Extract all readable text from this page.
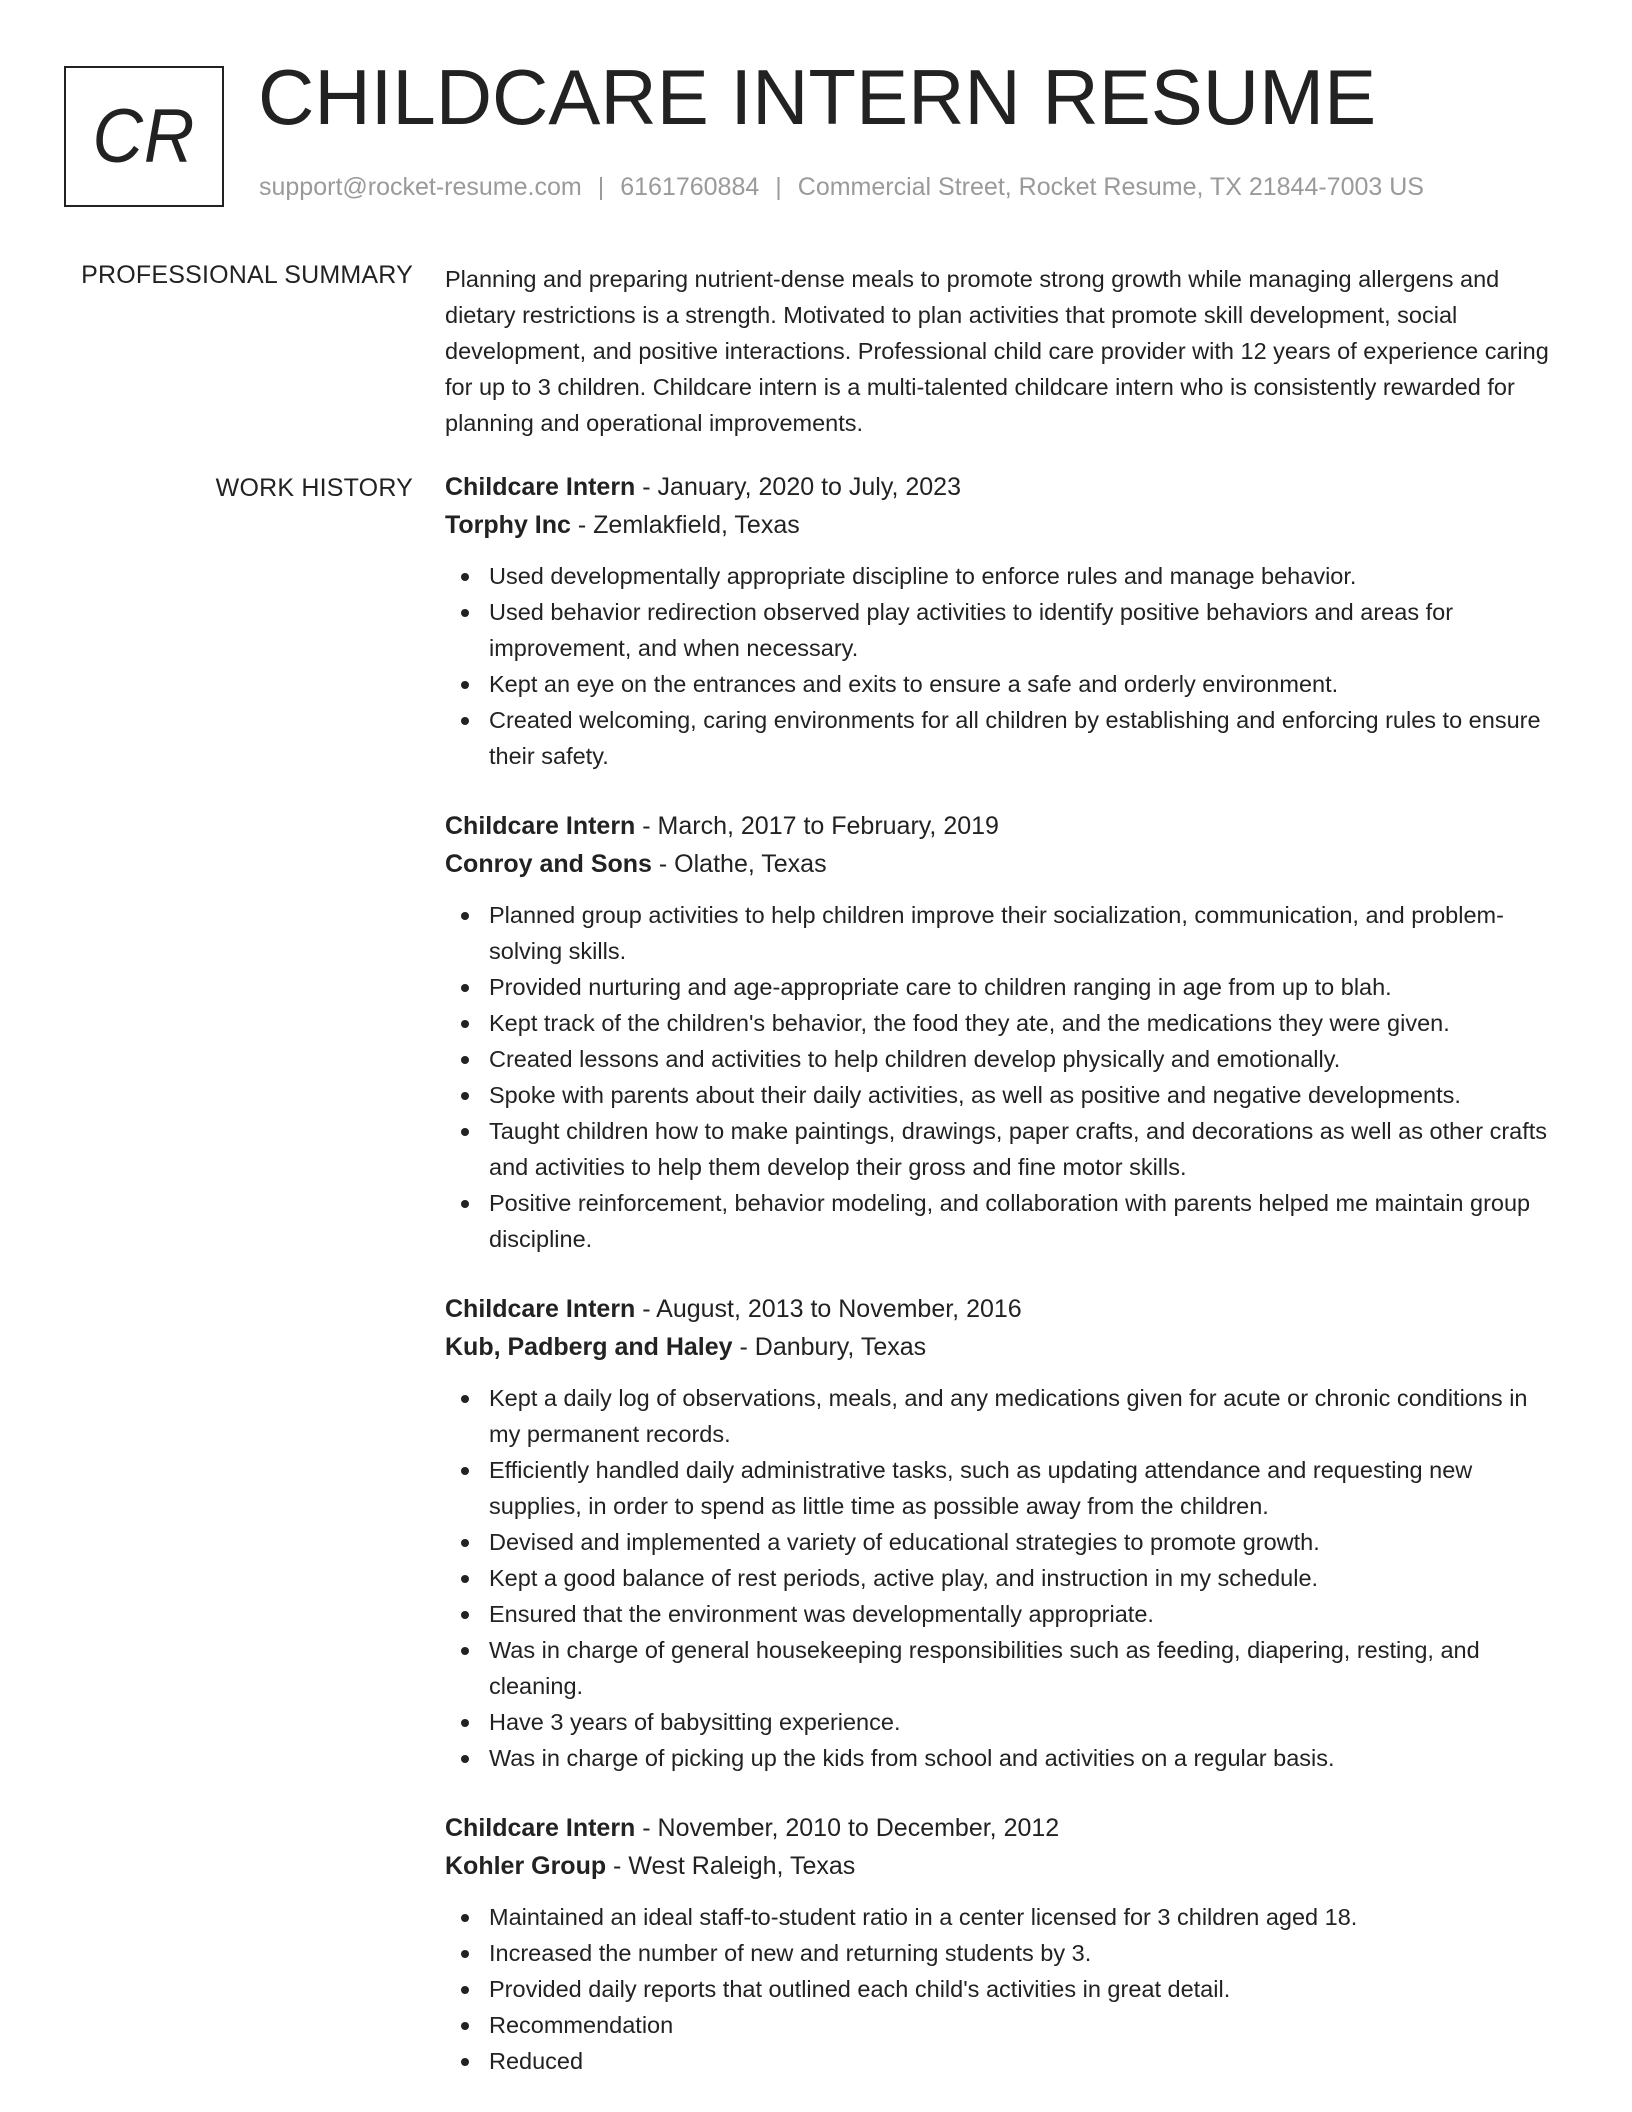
CR CHILDCARE INTERN RESUME
support@rocket-resume.com | 6161760884 | Commercial Street, Rocket Resume, TX 21844-7003 US
PROFESSIONAL SUMMARY Planning and preparing nutrient-dense meals to promote strong growth while managing allergens and dietary restrictions is a strength. Motivated to plan activities that promote skill development, social development, and positive interactions. Professional child care provider with 12 years of experience caring for up to 3 children. Childcare intern is a multi-talented childcare intern who is consistently rewarded for planning and operational improvements.

WORK HISTORY Childcare Intern - January, 2020 to July, 2023
Torphy Inc - Zemlakfield, Texas
Used developmentally appropriate discipline to enforce rules and manage behavior.
Used behavior redirection observed play activities to identify positive behaviors and areas for improvement, and when necessary.
Kept an eye on the entrances and exits to ensure a safe and orderly environment.
Created welcoming, caring environments for all children by establishing and enforcing rules to ensure their safety.
Childcare Intern - March, 2017 to February, 2019
Conroy and Sons - Olathe, Texas
Planned group activities to help children improve their socialization, communication, and problem-solving skills.
Provided nurturing and age-appropriate care to children ranging in age from up to blah.
Kept track of the children's behavior, the food they ate, and the medications they were given.
Created lessons and activities to help children develop physically and emotionally.
Spoke with parents about their daily activities, as well as positive and negative developments.
Taught children how to make paintings, drawings, paper crafts, and decorations as well as other crafts and activities to help them develop their gross and fine motor skills.
Positive reinforcement, behavior modeling, and collaboration with parents helped me maintain group discipline.
Childcare Intern - August, 2013 to November, 2016
Kub, Padberg and Haley - Danbury, Texas
Kept a daily log of observations, meals, and any medications given for acute or chronic conditions in my permanent records.
Efficiently handled daily administrative tasks, such as updating attendance and requesting new supplies, in order to spend as little time as possible away from the children.
Devised and implemented a variety of educational strategies to promote growth.
Kept a good balance of rest periods, active play, and instruction in my schedule.
Ensured that the environment was developmentally appropriate.
Was in charge of general housekeeping responsibilities such as feeding, diapering, resting, and cleaning.
Have 3 years of babysitting experience.
Was in charge of picking up the kids from school and activities on a regular basis.
Childcare Intern - November, 2010 to December, 2012
Kohler Group - West Raleigh, Texas
Maintained an ideal staff-to-student ratio in a center licensed for 3 children aged 18.
Increased the number of new and returning students by 3.
Provided daily reports that outlined each child's activities in great detail.
Recommendation
Reduced
